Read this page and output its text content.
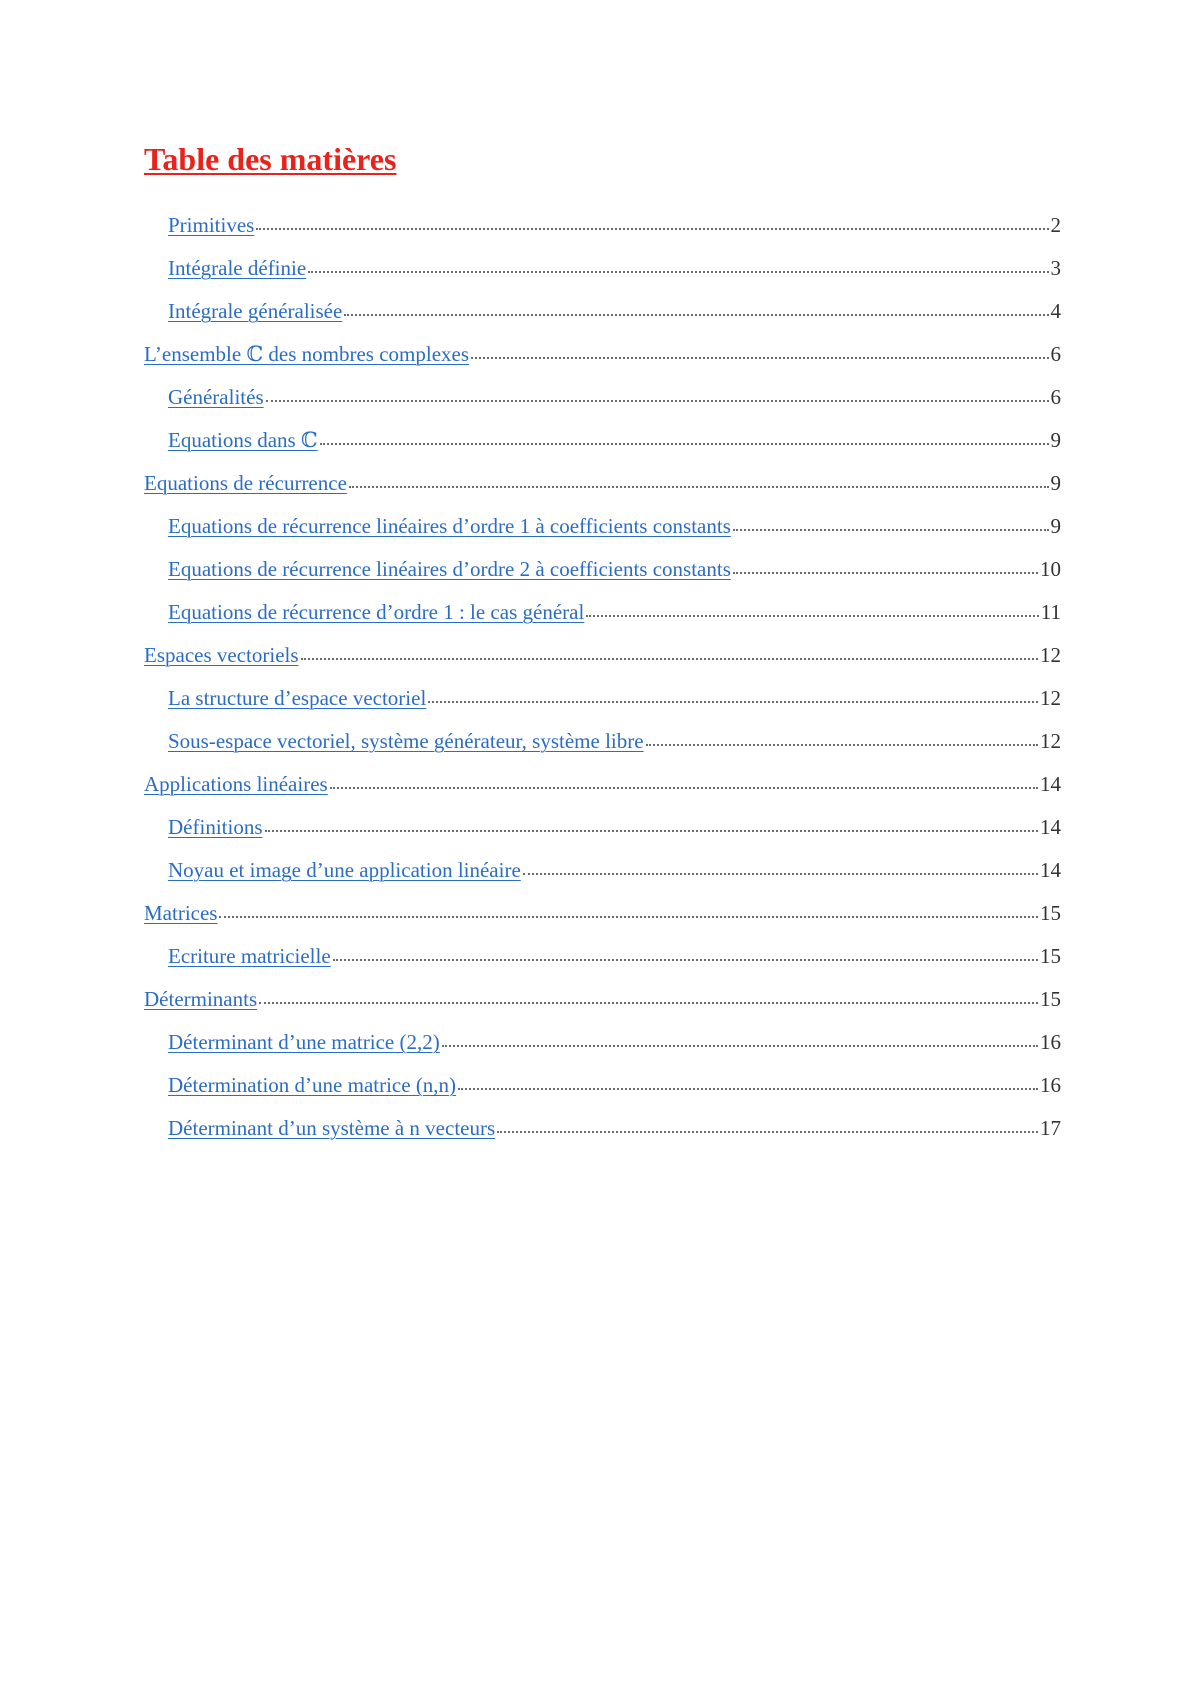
Table des matières
Primitives	2
Intégrale définie	3
Intégrale généralisée	4
L’ensemble ℂ des nombres complexes	6
Généralités	6
Equations dans ℂ	9
Equations de récurrence	9
Equations de récurrence linéaires d’ordre 1 à coefficients constants	9
Equations de récurrence linéaires d’ordre 2 à coefficients constants	10
Equations de récurrence d’ordre 1 : le cas général	11
Espaces vectoriels	12
La structure d’espace vectoriel	12
Sous-espace vectoriel, système générateur, système libre	12
Applications linéaires	14
Définitions	14
Noyau et image d’une application linéaire	14
Matrices	15
Ecriture matricielle	15
Déterminants	15
Déterminant d’une matrice (2,2)	16
Détermination d’une matrice (n,n)	16
Déterminant d’un système à n vecteurs	17
